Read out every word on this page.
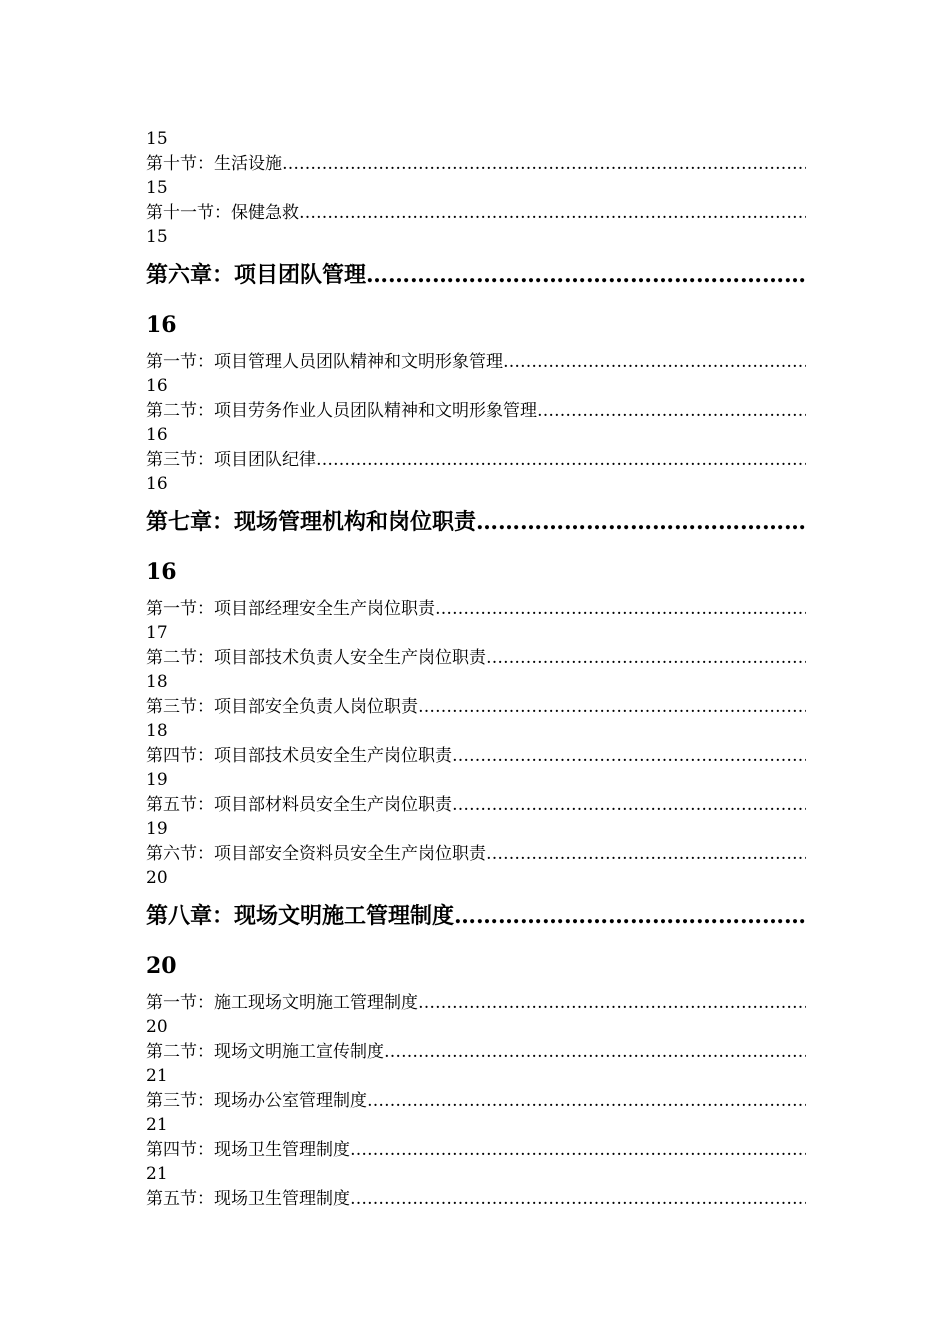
15
第十节：生活设施
…………………………………………………………………………………………………………………………………………………………………………………………
15
第十一节：保健急救
…………………………………………………………………………………………………………………………………………………………………………………………
15
第六章：项目团队管理
…………………………………………………………………………………………………………………………………………………………………………………………
16
第一节：项目管理人员团队精神和文明形象管理
…………………………………………………………………………………………………………………………………………………………………………………………
16
第二节：项目劳务作业人员团队精神和文明形象管理
…………………………………………………………………………………………………………………………………………………………………………………………
16
第三节：项目团队纪律
…………………………………………………………………………………………………………………………………………………………………………………………
16
第七章：现场管理机构和岗位职责
…………………………………………………………………………………………………………………………………………………………………………………………
16
第一节：项目部经理安全生产岗位职责
…………………………………………………………………………………………………………………………………………………………………………………………
17
第二节：项目部技术负责人安全生产岗位职责
…………………………………………………………………………………………………………………………………………………………………………………………
18
第三节：项目部安全负责人岗位职责
…………………………………………………………………………………………………………………………………………………………………………………………
18
第四节：项目部技术员安全生产岗位职责
…………………………………………………………………………………………………………………………………………………………………………………………
19
第五节：项目部材料员安全生产岗位职责
…………………………………………………………………………………………………………………………………………………………………………………………
19
第六节：项目部安全资料员安全生产岗位职责
…………………………………………………………………………………………………………………………………………………………………………………………
20
第八章：现场文明施工管理制度
…………………………………………………………………………………………………………………………………………………………………………………………
20
第一节：施工现场文明施工管理制度
…………………………………………………………………………………………………………………………………………………………………………………………
20
第二节：现场文明施工宣传制度
…………………………………………………………………………………………………………………………………………………………………………………………
21
第三节：现场办公室管理制度
…………………………………………………………………………………………………………………………………………………………………………………………
21
第四节：现场卫生管理制度
…………………………………………………………………………………………………………………………………………………………………………………………
21
第五节：现场卫生管理制度
…………………………………………………………………………………………………………………………………………………………………………………………
